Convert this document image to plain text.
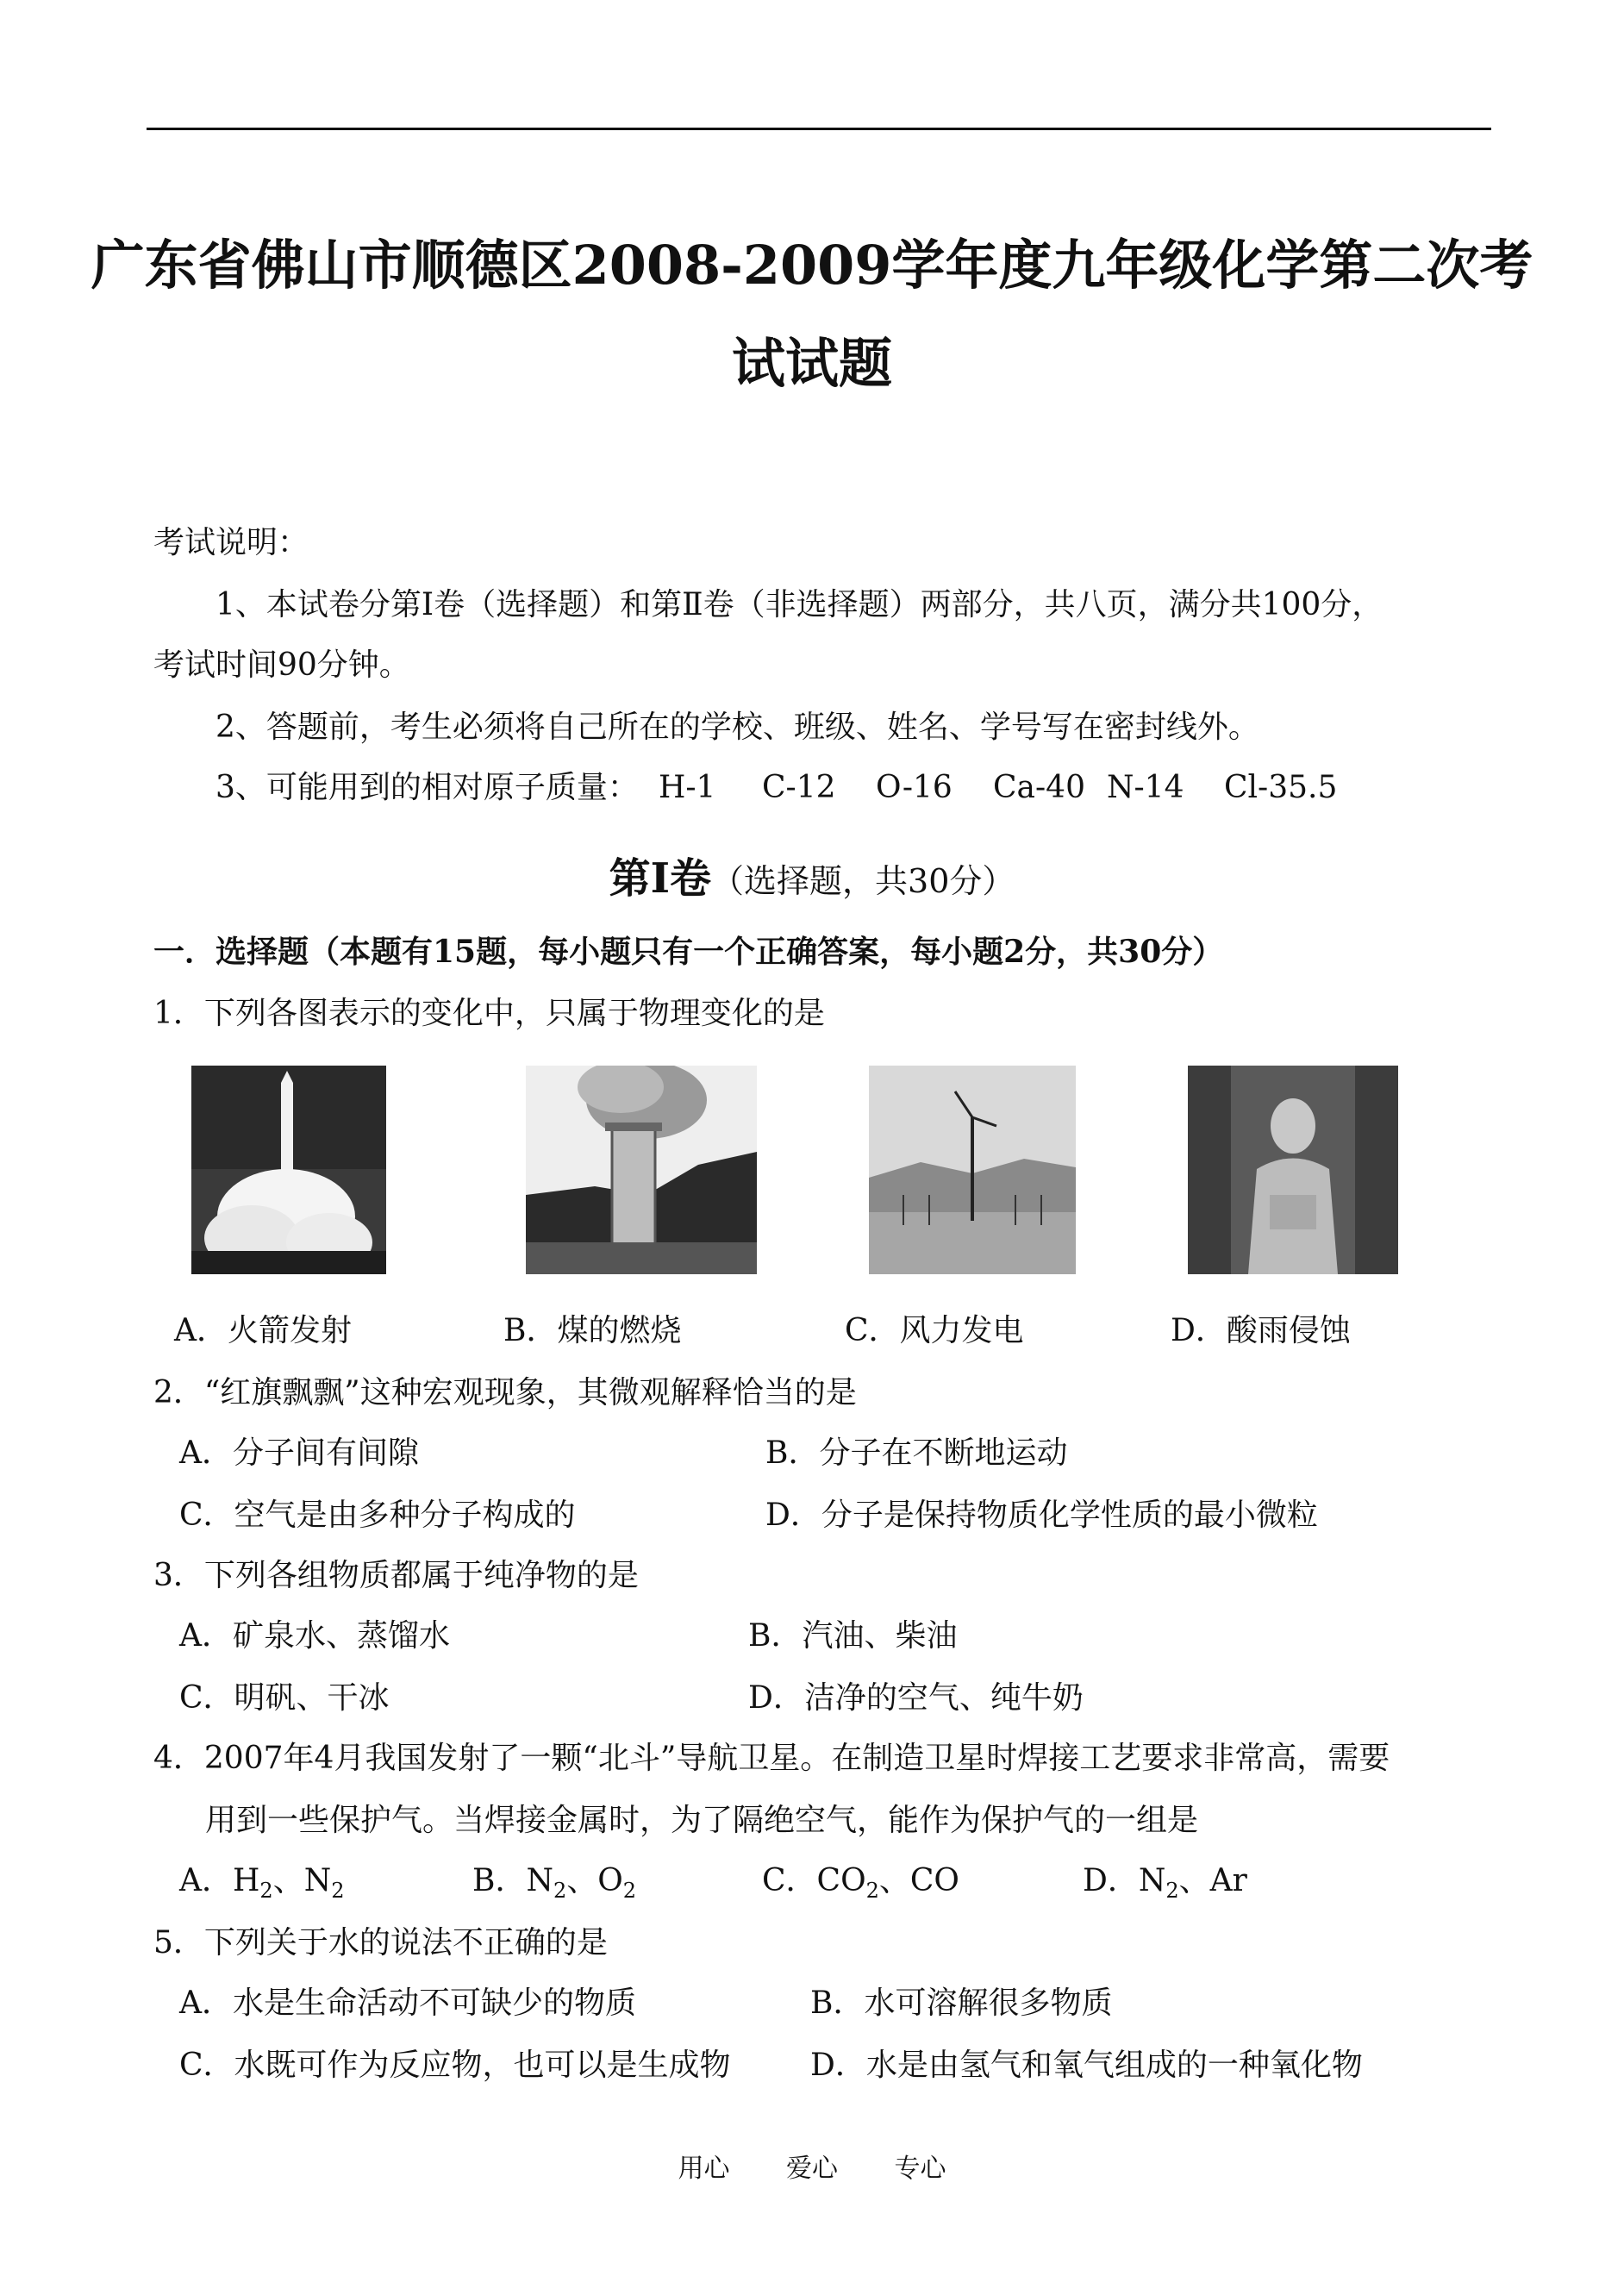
广东省佛山市顺德区2008-2009学年度九年级化学第二次考
试试题
考试说明：
1、本试卷分第Ⅰ卷（选择题）和第Ⅱ卷（非选择题）两部分，共八页，满分共100分，
考试时间90分钟。
2、答题前，考生必须将自己所在的学校、班级、姓名、学号写在密封线外。
3、可能用到的相对原子质量： H-1 C-12 O-16 Ca-40 N-14 Cl-35.5
第Ⅰ卷（选择题，共30分）
一．选择题（本题有15题，每小题只有一个正确答案，每小题2分，共30分）
1．下列各图表示的变化中，只属于物理变化的是
A．火箭发射	B．煤的燃烧	C．风力发电	D．酸雨侵蚀
2．“红旗飘飘”这种宏观现象，其微观解释恰当的是
A．分子间有间隙	B．分子在不断地运动
C．空气是由多种分子构成的	D．分子是保持物质化学性质的最小微粒
3．下列各组物质都属于纯净物的是
A．矿泉水、蒸馏水	B．汽油、柴油
C．明矾、干冰	D．洁净的空气、纯牛奶
4．2007年4月我国发射了一颗“北斗”导航卫星。在制造卫星时焊接工艺要求非常高，需要
用到一些保护气。当焊接金属时，为了隔绝空气，能作为保护气的一组是
A．$H_2$、$N_2$	B．$N_2$、$O_2$	C．$CO_2$、CO	D．$N_2$、Ar
5．下列关于水的说法不正确的是
A．水是生命活动不可缺少的物质	B．水可溶解很多物质
C．水既可作为反应物，也可以是生成物	D．水是由氢气和氧气组成的一种氧化物
用心 爱心 专心
